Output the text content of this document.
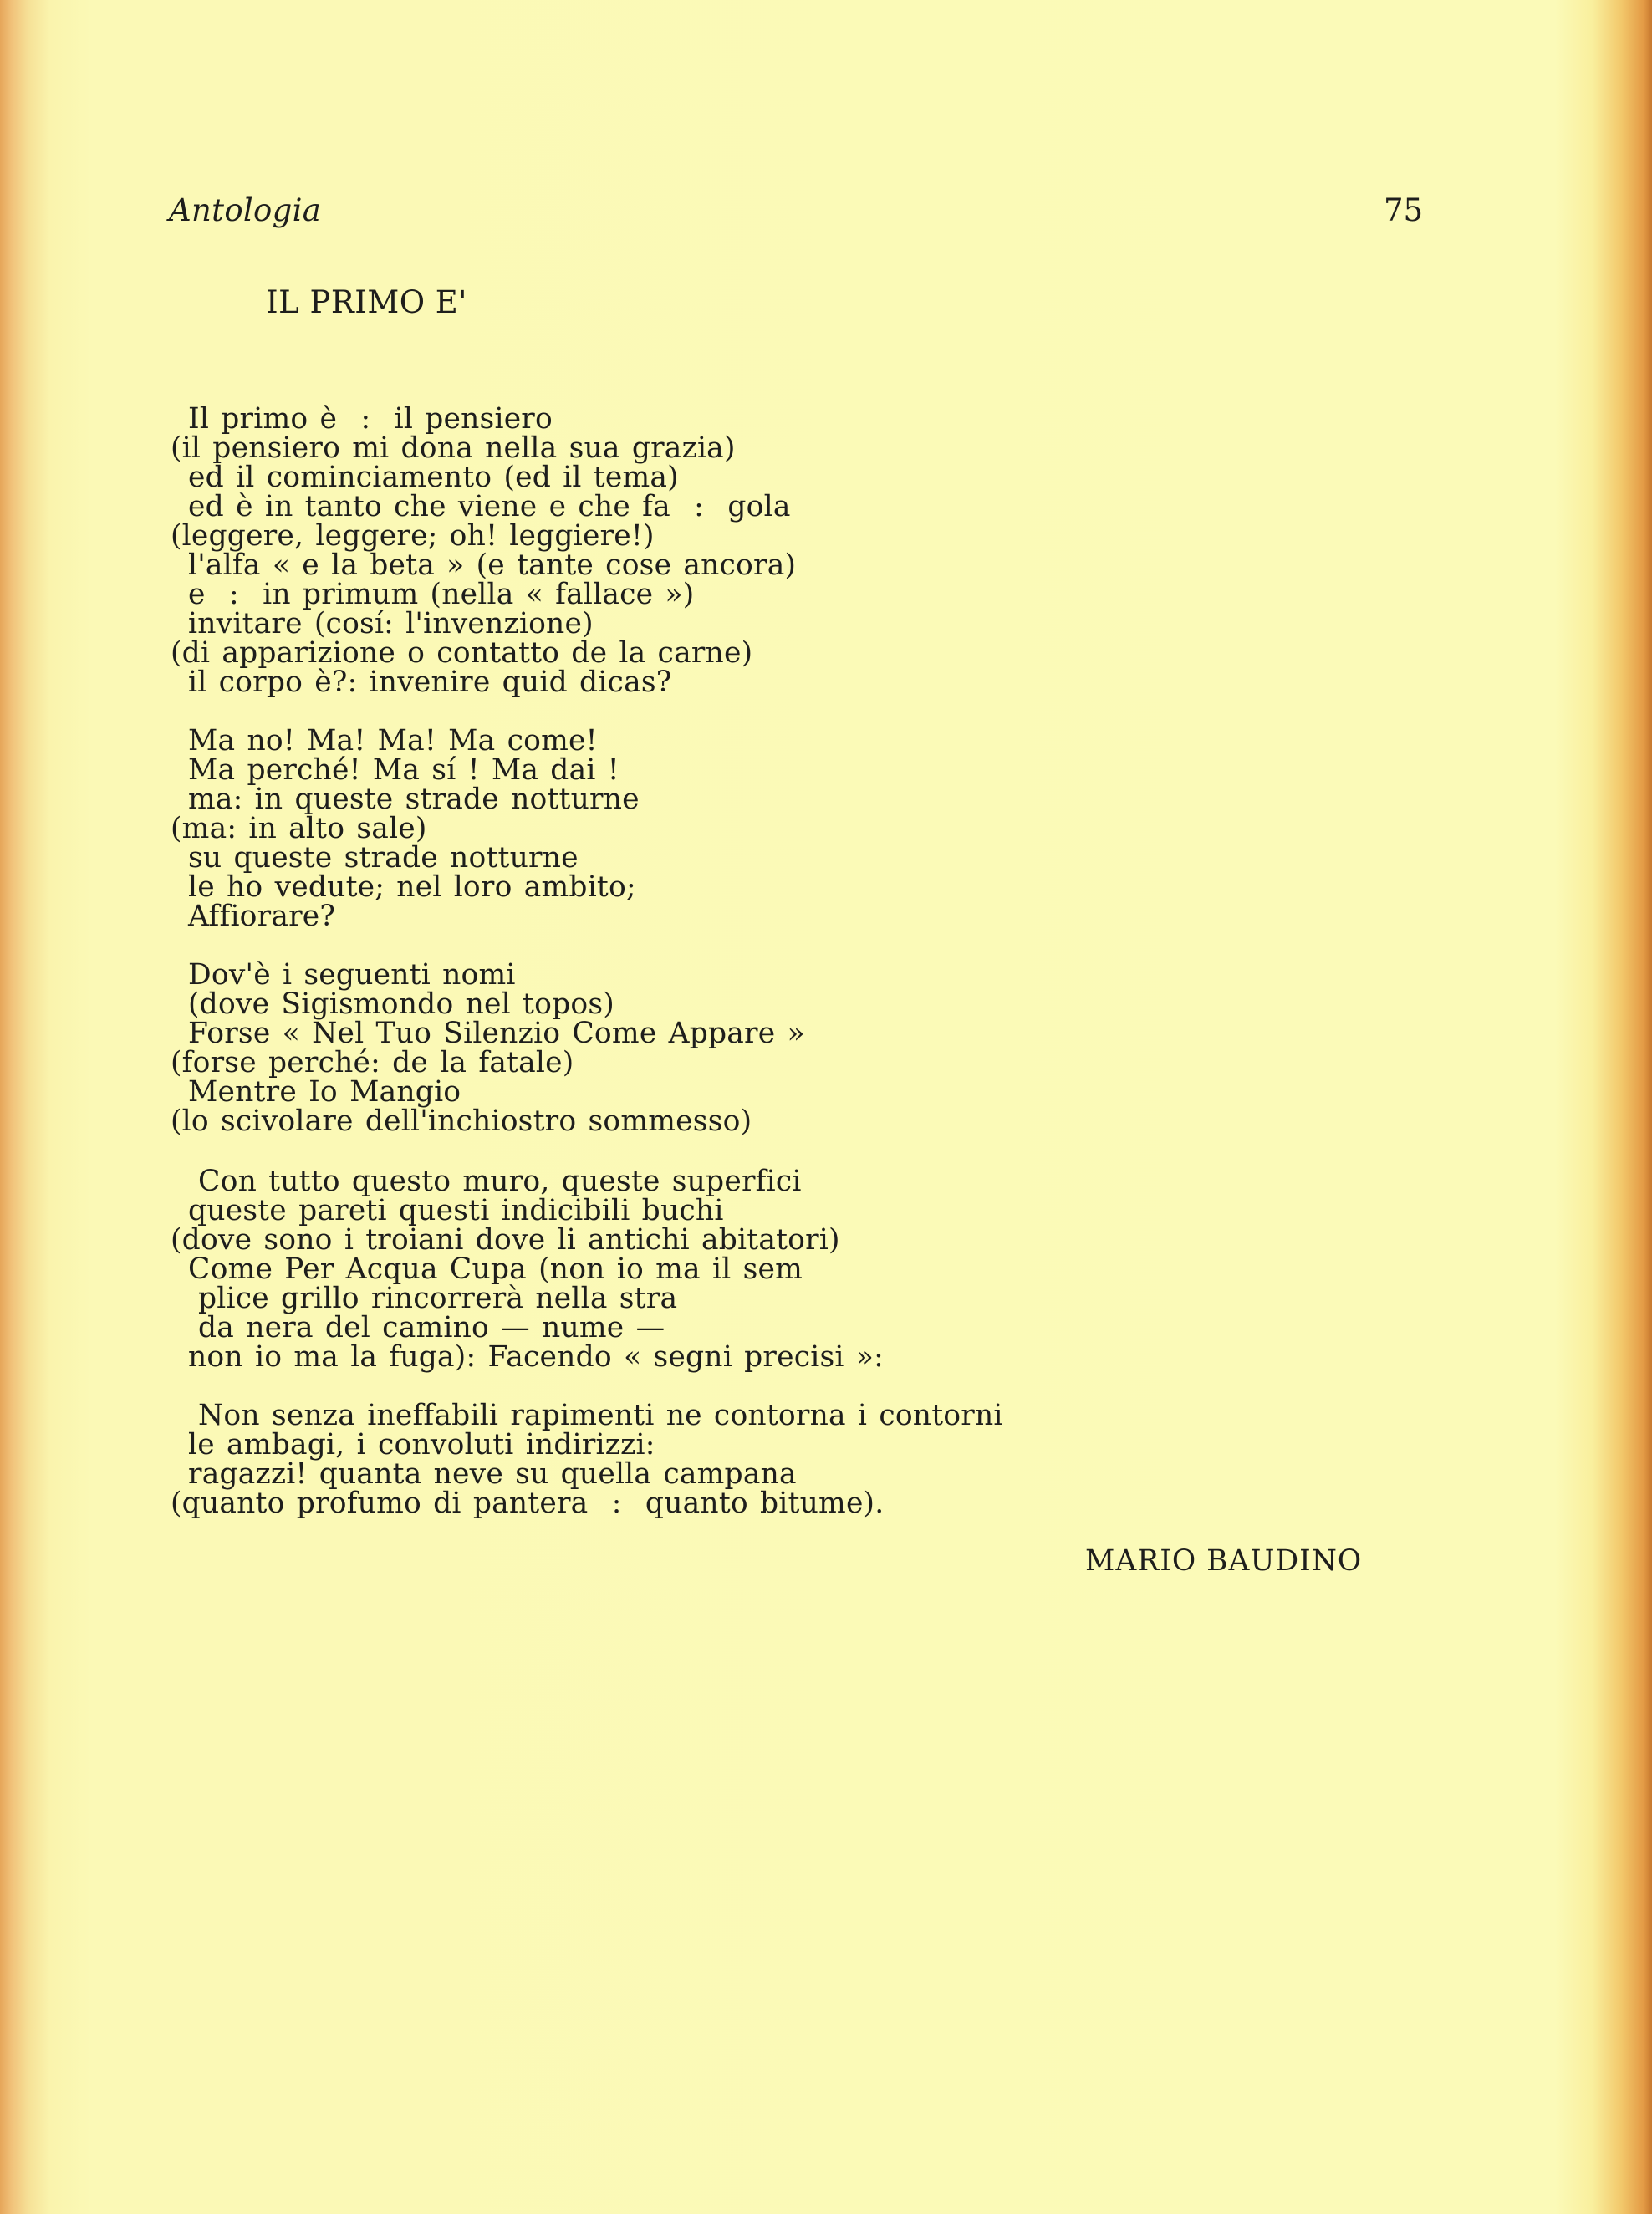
Antologia	75
IL PRIMO E'
Il primo è  :  il pensiero
(il pensiero mi dona nella sua grazia)
ed il cominciamento (ed il tema)
ed è in tanto che viene e che fa  :  gola
(leggere, leggere; oh! leggiere!)
l'alfa « e la beta » (e tante cose ancora)
e  :  in primum (nella « fallace »)
invitare (cosí: l'invenzione)
(di apparizione o contatto de la carne)
il corpo è?: invenire quid dicas?
Ma no! Ma! Ma! Ma come!
Ma perché! Ma sí ! Ma dai !
ma: in queste strade notturne
(ma: in alto sale)
su queste strade notturne
le ho vedute; nel loro ambito;
Affiorare?
Dov'è i seguenti nomi
(dove Sigismondo nel topos)
Forse « Nel Tuo Silenzio Come Appare »
(forse perché: de la fatale)
Mentre Io Mangio
(lo scivolare dell'inchiostro sommesso)
Con tutto questo muro, queste superfici
queste pareti questi indicibili buchi
(dove sono i troiani dove li antichi abitatori)
Come Per Acqua Cupa (non io ma il sem
plice grillo rincorrerà nella stra
da nera del camino — nume —
non io ma la fuga): Facendo « segni precisi »:
Non senza ineffabili rapimenti ne contorna i contorni
le ambagi, i convoluti indirizzi:
ragazzi! quanta neve su quella campana
(quanto profumo di pantera  :  quanto bitume).
MARIO BAUDINO
